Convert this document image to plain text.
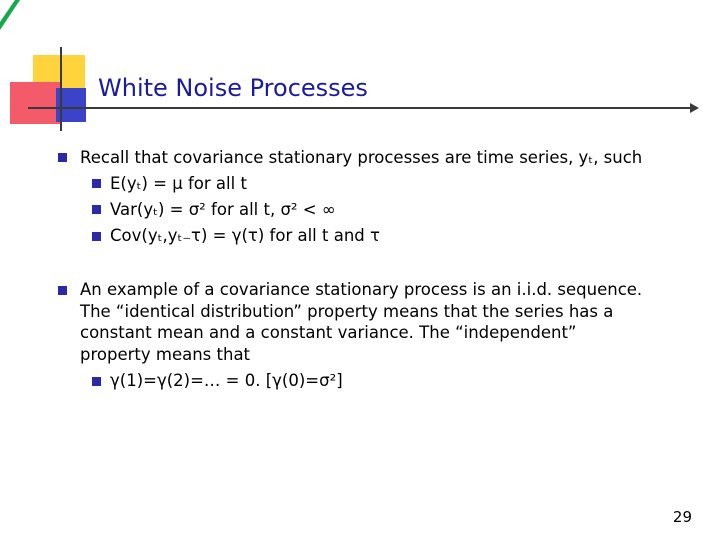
White Noise Processes
Recall that covariance stationary processes are time series, yₜ, such
E(yₜ) = μ for all t
Var(yₜ) = σ² for all t, σ² < ∞
Cov(yₜ,yₜ₋τ) = γ(τ) for all t and τ
An example of a covariance stationary process is an i.i.d. sequence.
The “identical distribution” property means that the series has a
constant mean and a constant variance. The “independent”
property means that
γ(1)=γ(2)=… = 0. [γ(0)=σ²]
29
